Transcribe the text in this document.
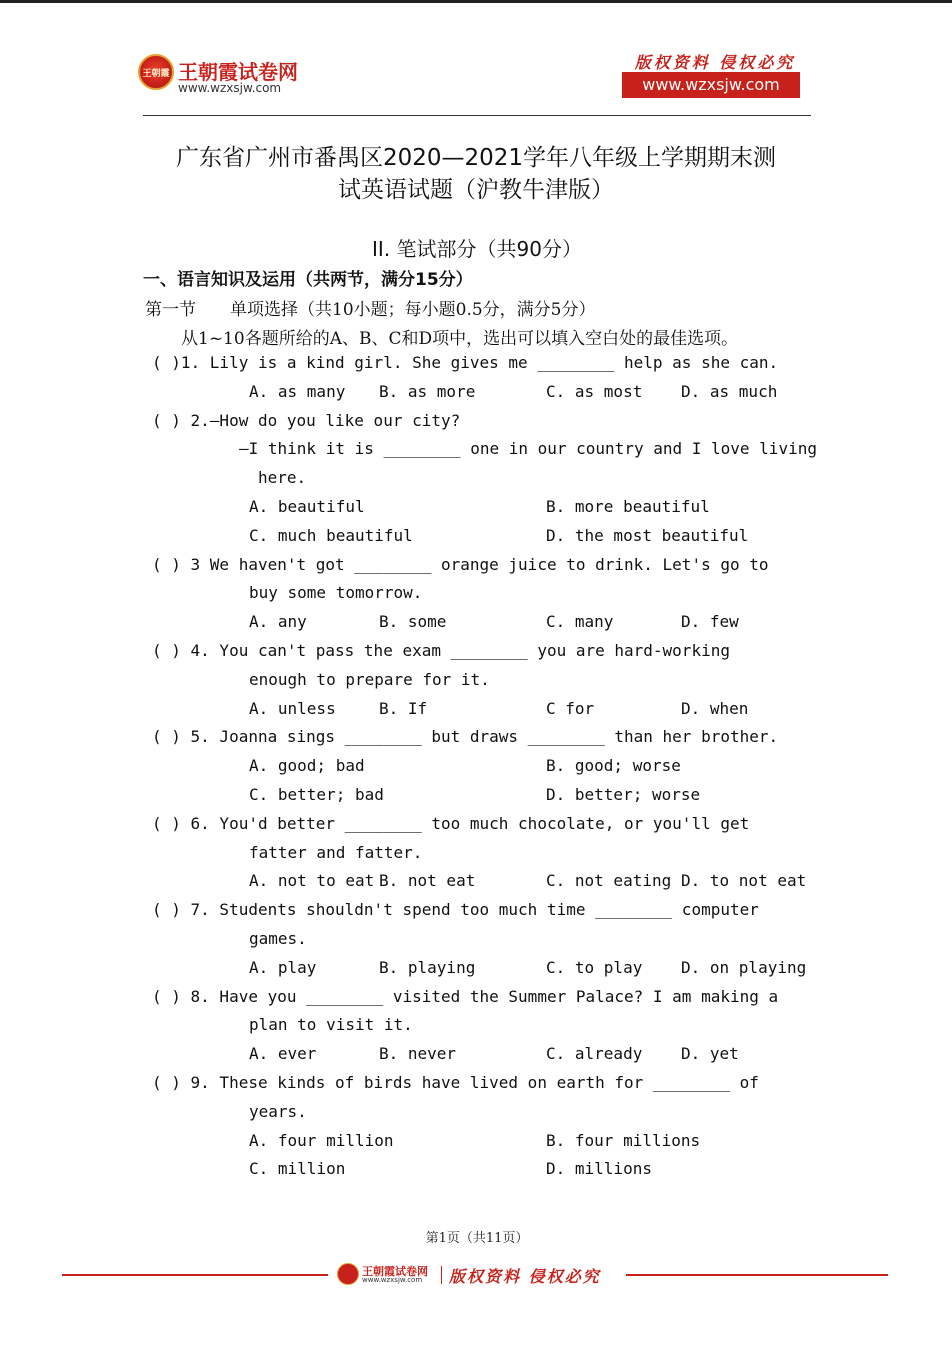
王朝霞 王朝霞试卷网
www.wzxsjw.com
版权资料 侵权必究
www.wzxsjw.com
广东省广州市番禺区2020—2021学年八年级上学期期末测
试英语试题（沪教牛津版）
II. 笔试部分（共90分）
一、语言知识及运用（共两节，满分15分）
第一节　　单项选择（共10小题；每小题0.5分，满分5分）
从1~10各题所给的A、B、C和D项中，选出可以填入空白处的最佳选项。
( )1. Lily is a kind girl. She gives me ________ help as she can.
A. as many B. as more	C. as most D. as much
( ) 2.—How do you like our city?
—I think it is ________ one in our country and I love living
here.
A. beautiful	B. more beautiful
C. much beautiful	D. the most beautiful
( ) 3 We haven't got ________ orange juice to drink. Let's go to
buy some tomorrow.
A. any	B. some	C. many	D. few
( ) 4. You can't pass the exam ________ you are hard-working
enough to prepare for it.
A. unless	B. If	C for	D. when
( ) 5. Joanna sings ________ but draws ________ than her brother.
A. good; bad	B. good; worse
C. better; bad	D. better; worse
( ) 6. You'd better ________ too much chocolate, or you'll get
fatter and fatter.
A. not to eat B. not eat	C. not eating D. to not eat
( ) 7. Students shouldn't spend too much time ________ computer
games.
A. play	B. playing	C. to play D. on playing
( ) 8. Have you ________ visited the Summer Palace? I am making a
plan to visit it.
A. ever	B. never	C. already D. yet
( ) 9. These kinds of birds have lived on earth for ________ of
years.
A. four million	B. four millions
C. million	D. millions
第1页（共11页）
王朝霞试卷网
www.wzxsjw.com 版权资料 侵权必究
